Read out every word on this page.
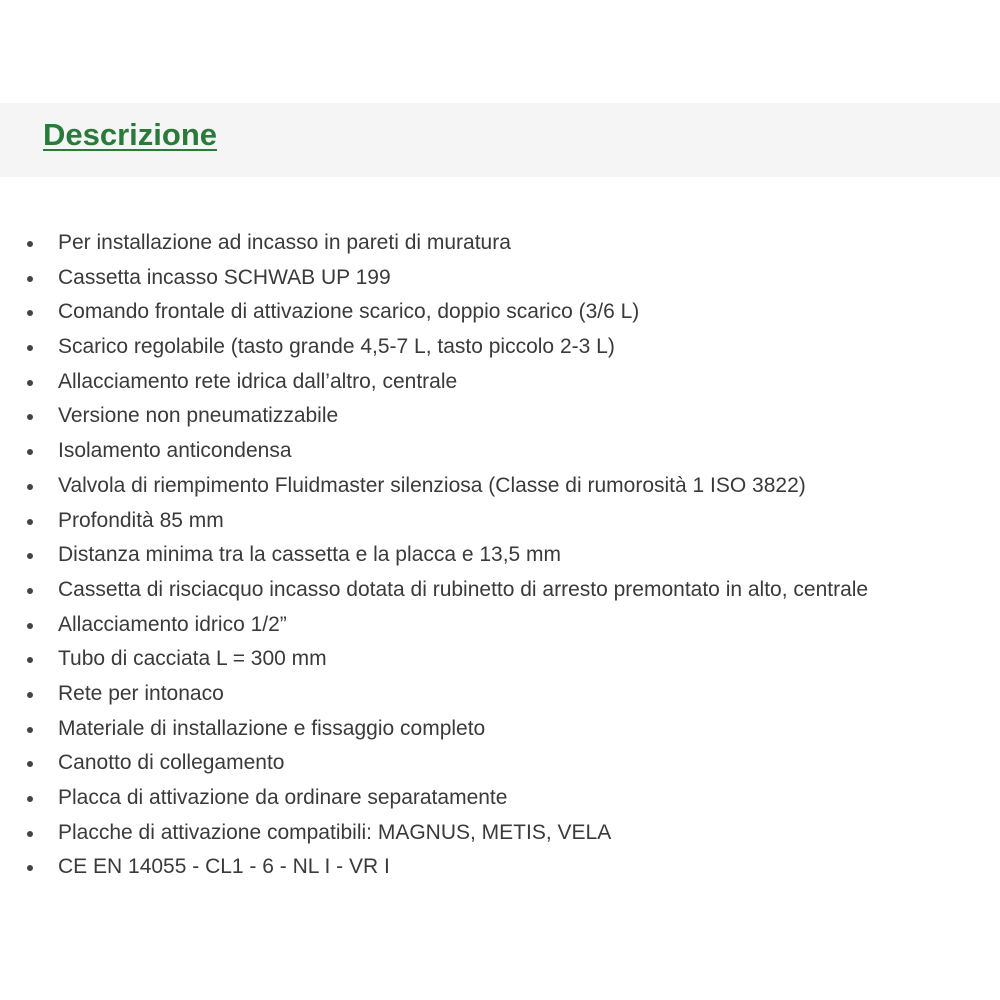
Descrizione
Per installazione ad incasso in pareti di muratura
Cassetta incasso SCHWAB UP 199
Comando frontale di attivazione scarico, doppio scarico (3/6 L)
Scarico regolabile (tasto grande 4,5-7 L, tasto piccolo 2-3 L)
Allacciamento rete idrica dall’altro, centrale
Versione non pneumatizzabile
Isolamento anticondensa
Valvola di riempimento Fluidmaster silenziosa (Classe di rumorosità 1 ISO 3822)
Profondità 85 mm
Distanza minima tra la cassetta e la placca e 13,5 mm
Cassetta di risciacquo incasso dotata di rubinetto di arresto premontato in alto, centrale
Allacciamento idrico 1/2”
Tubo di cacciata L = 300 mm
Rete per intonaco
Materiale di installazione e fissaggio completo
Canotto di collegamento
Placca di attivazione da ordinare separatamente
Placche di attivazione compatibili: MAGNUS, METIS, VELA
CE EN 14055 - CL1 - 6 - NL I - VR I
